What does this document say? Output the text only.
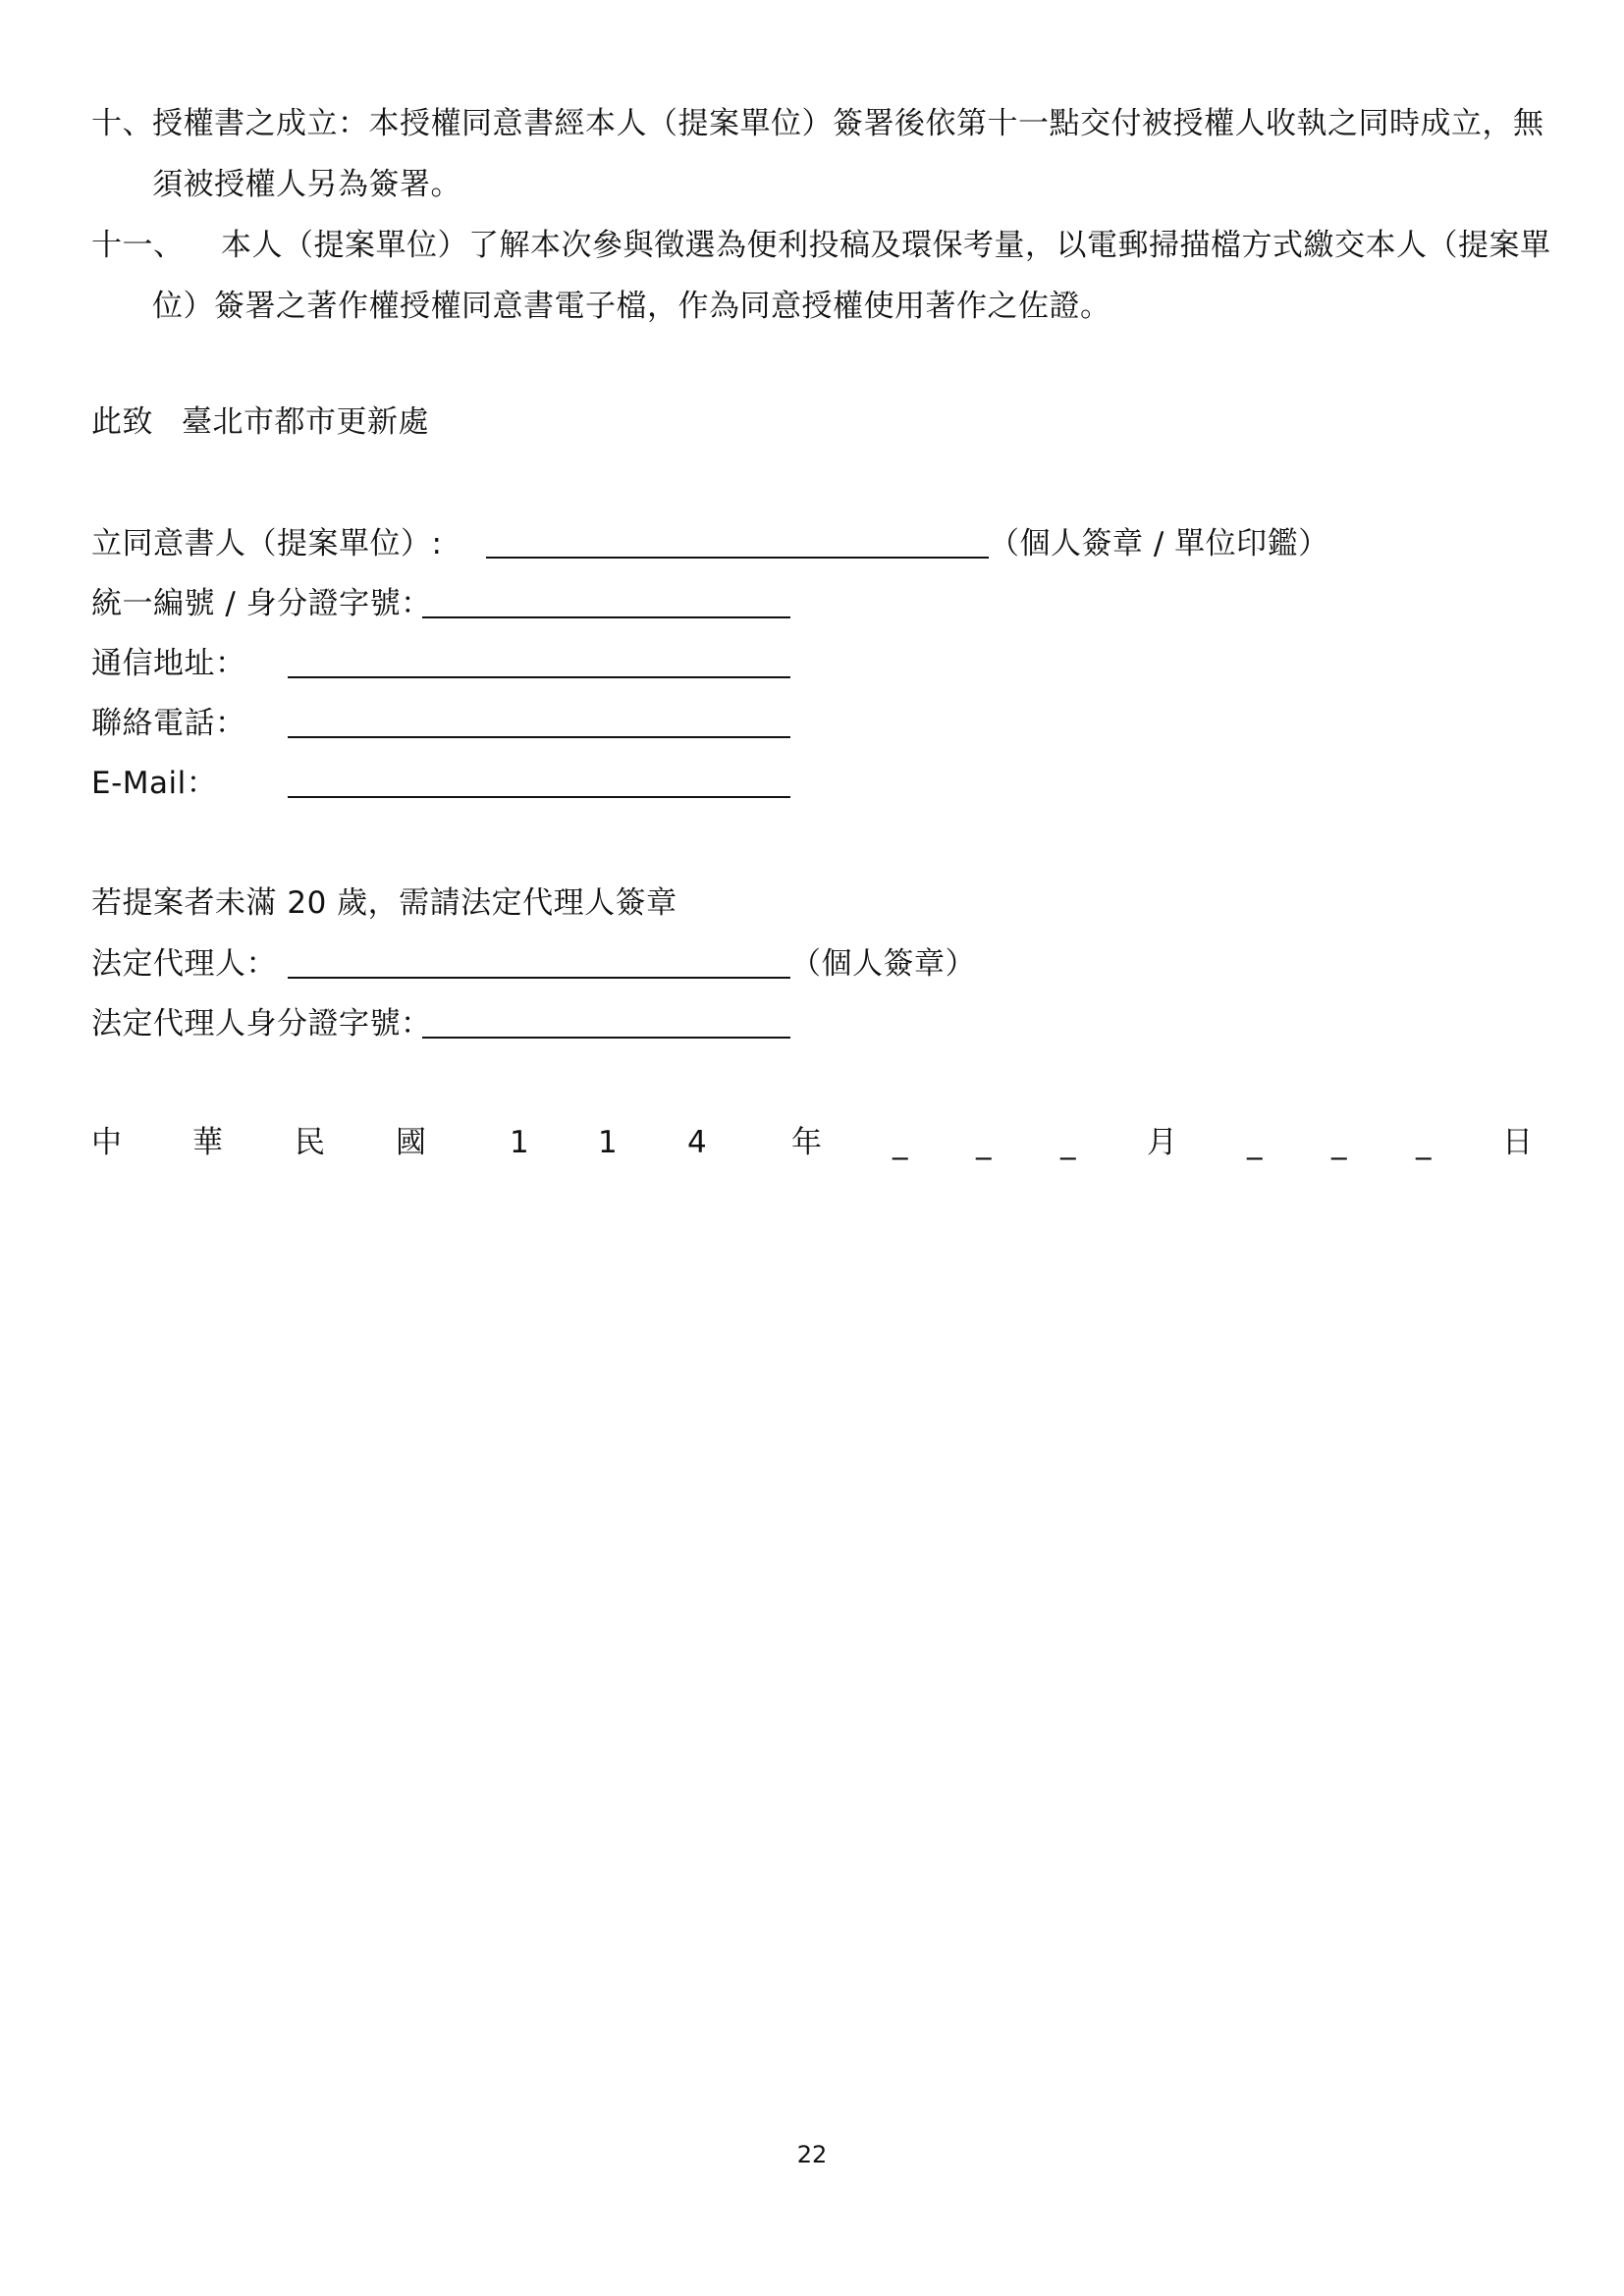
十、 授權書之成立：本授權同意書經本人（提案單位）簽署後依第十一點交付被授權人收執之同時成立，無
須被授權人另為簽署。
十一、 本人（提案單位）了解本次參與徵選為便利投稿及環保考量，以電郵掃描檔方式繳交本人（提案單
位）簽署之著作權授權同意書電子檔，作為同意授權使用著作之佐證。
此致 臺北市都市更新處
立同意書人（提案單位）:	（個人簽章 / 單位印鑑）
統一編號 / 身分證字號：
通信地址：
聯絡電話：
E-Mail：
若提案者未滿 20 歲，需請法定代理人簽章
法定代理人：	（個人簽章）
法定代理人身分證字號：
中 華 民 國	1 1 4	年 _ _ _ 月 _ _ _ 日
22
